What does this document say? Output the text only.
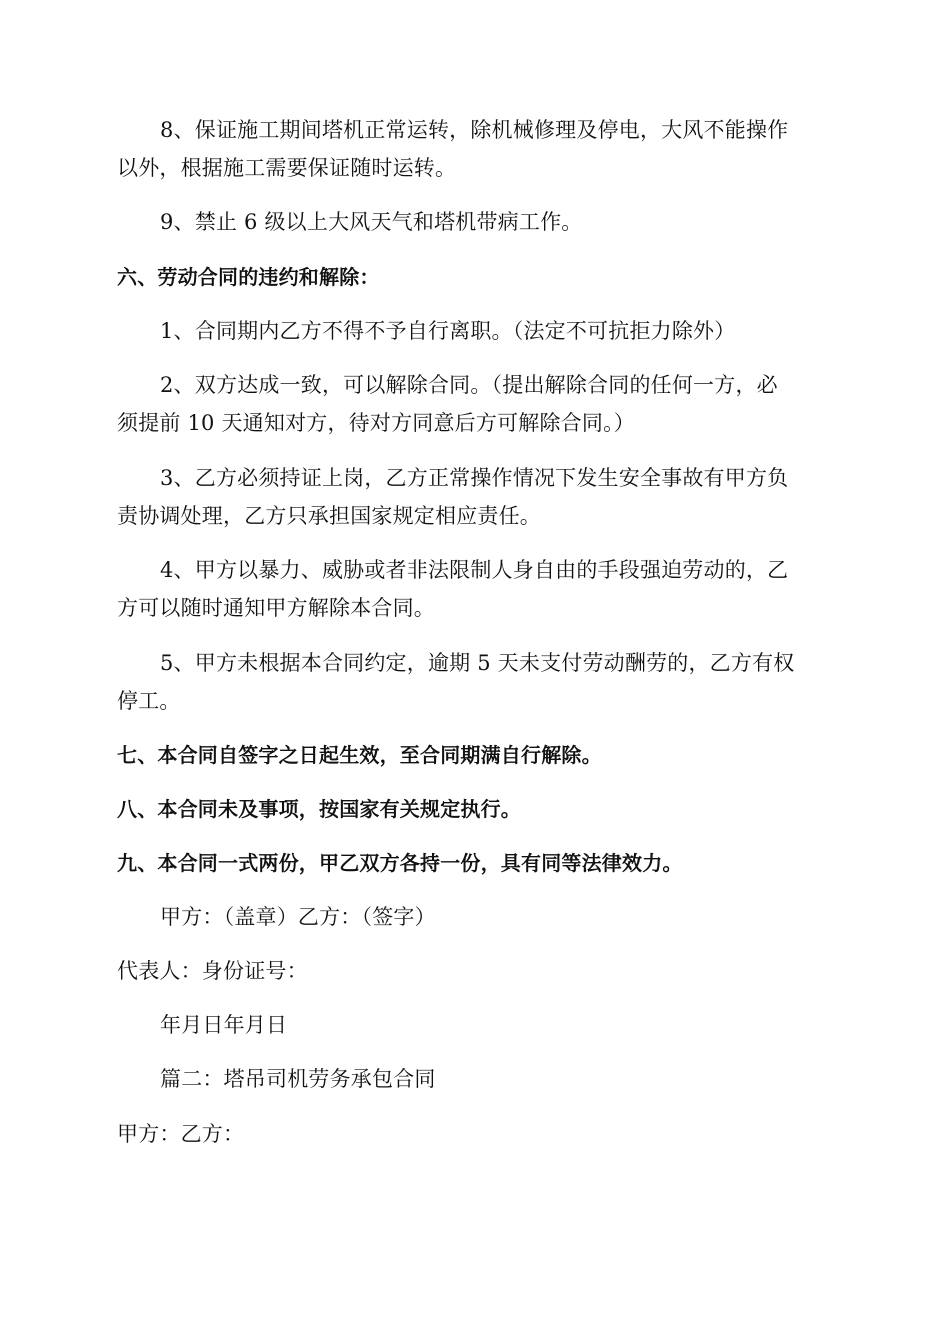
8、保证施工期间塔机正常运转，除机械修理及停电，大风不能操作
以外，根据施工需要保证随时运转。
9、禁止 6 级以上大风天气和塔机带病工作。
六、劳动合同的违约和解除：
1、合同期内乙方不得不予自行离职。（法定不可抗拒力除外）
2、双方达成一致，可以解除合同。（提出解除合同的任何一方，必
须提前 10 天通知对方，待对方同意后方可解除合同。）
3、乙方必须持证上岗，乙方正常操作情况下发生安全事故有甲方负
责协调处理，乙方只承担国家规定相应责任。
4、甲方以暴力、威胁或者非法限制人身自由的手段强迫劳动的，乙
方可以随时通知甲方解除本合同。
5、甲方未根据本合同约定，逾期 5 天未支付劳动酬劳的，乙方有权
停工。
七、本合同自签字之日起生效，至合同期满自行解除。
八、本合同未及事项，按国家有关规定执行。
九、本合同一式两份，甲乙双方各持一份，具有同等法律效力。
甲方：（盖章）乙方：（签字）
代表人：身份证号：
年月日年月日
篇二：塔吊司机劳务承包合同
甲方：乙方：
